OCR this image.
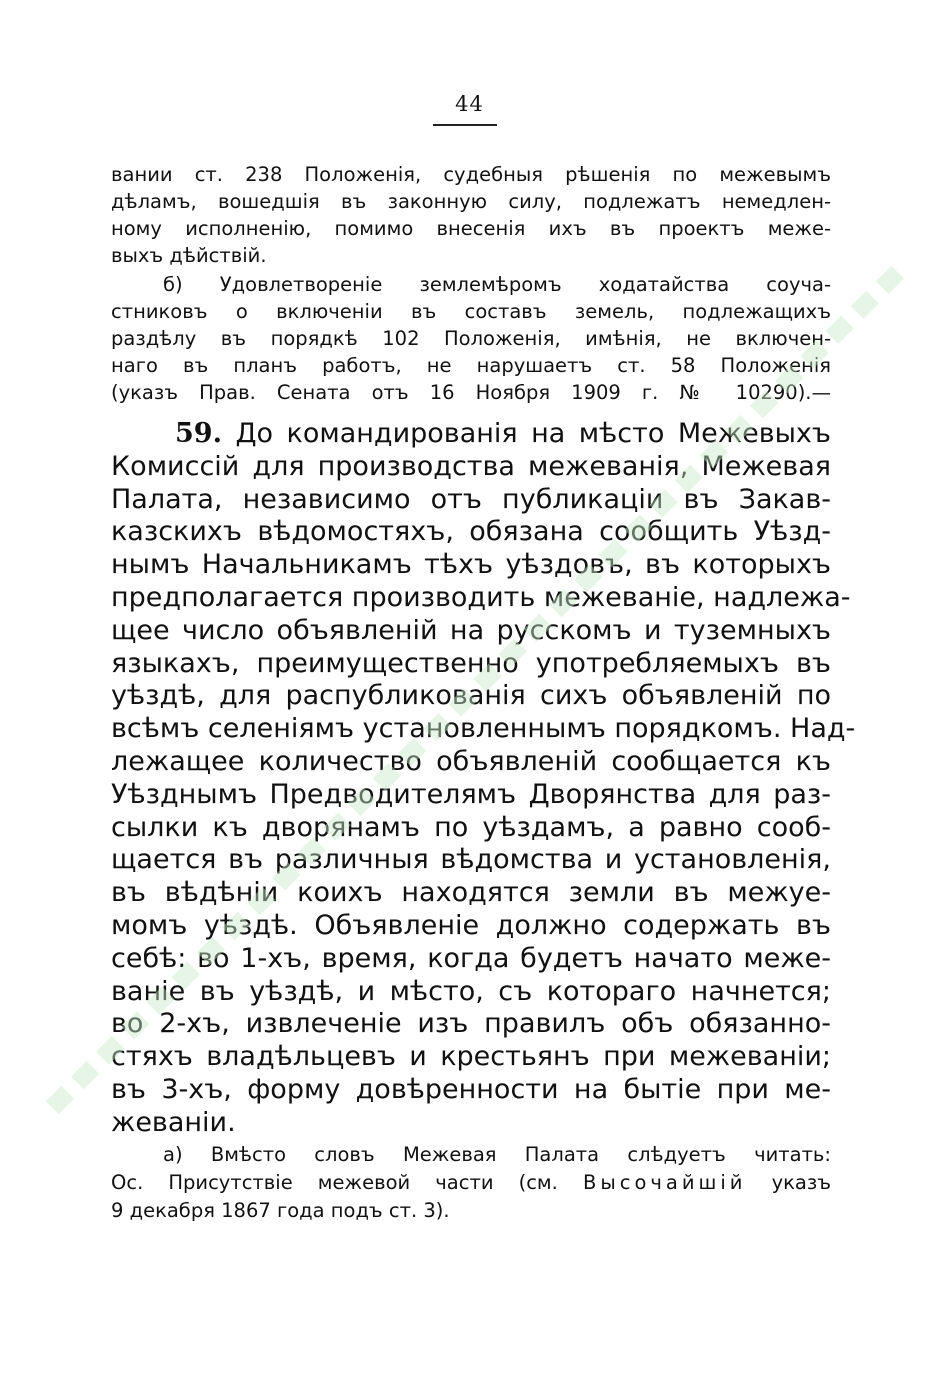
44
вании ст. 238 Положенія, судебныя рѣшенія по межевымъ
дѣламъ, вошедшія въ законную силу, подлежатъ немедлен-
ному исполненію, помимо внесенія ихъ въ проектъ меже-
выхъ дѣйствій.
б) Удовлетвореніе землемѣромъ ходатайства соуча-
стниковъ о включеніи въ составъ земель, подлежащихъ
раздѣлу въ порядкѣ 102 Положенія, имѣнія, не включен-
наго въ планъ работъ, не нарушаетъ ст. 58 Положенія
(указъ Прав. Сената отъ 16 Ноября 1909 г. № 10290).—
59. До командированія на мѣсто Межевыхъ
Комиссій для производства межеванія, Межевая
Палата, независимо отъ публикаціи въ Закав-
казскихъ вѣдомостяхъ, обязана сообщить Уѣзд-
нымъ Начальникамъ тѣхъ уѣздовъ, въ которыхъ
предполагается производить межеваніе, надлежа-
щее число объявленій на русскомъ и туземныхъ
языкахъ, преимущественно употребляемыхъ въ
уѣздѣ, для распубликованія сихъ объявленій по
всѣмъ селеніямъ установленнымъ порядкомъ. Над-
лежащее количество объявленій сообщается къ
Уѣзднымъ Предводителямъ Дворянства для раз-
сылки къ дворянамъ по уѣздамъ, а равно сооб-
щается въ различныя вѣдомства и установленія,
въ вѣдѣніи коихъ находятся земли въ межуе-
момъ уѣздѣ. Объявленіе должно содержать въ
себѣ: во 1-хъ, время, когда будетъ начато меже-
ваніе въ уѣздѣ, и мѣсто, съ котораго начнется;
во 2-хъ, извлеченіе изъ правилъ объ обязанно-
стяхъ владѣльцевъ и крестьянъ при межеваніи;
въ 3-хъ, форму довѣренности на бытіе при ме-
жеваніи.
а) Вмѣсто словъ Межевая Палата слѣдуетъ читать:
Ос. Присутствіе межевой части (см. Высочайшій указъ
9 декабря 1867 года подъ ст. 3).
